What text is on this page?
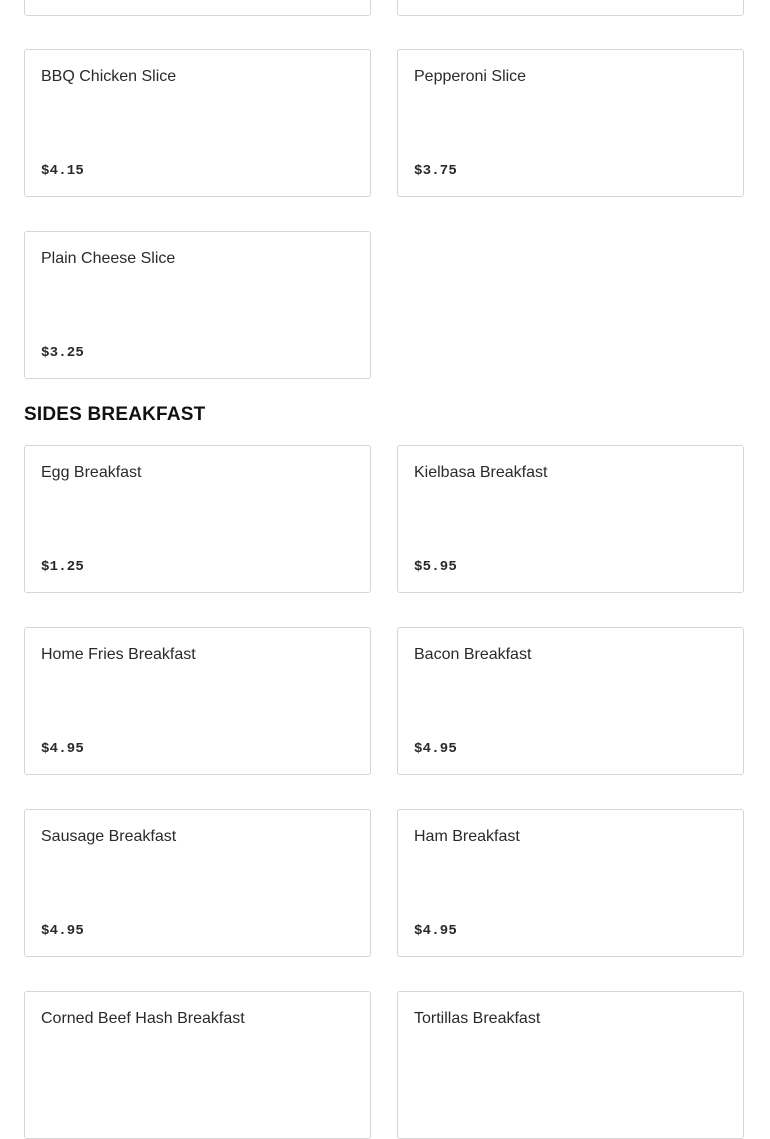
BBQ Chicken Slice
$4.15
Pepperoni Slice
$3.75
Plain Cheese Slice
$3.25
SIDES BREAKFAST
Egg Breakfast
$1.25
Kielbasa Breakfast
$5.95
Home Fries Breakfast
$4.95
Bacon Breakfast
$4.95
Sausage Breakfast
$4.95
Ham Breakfast
$4.95
Corned Beef Hash Breakfast	Tortillas Breakfast
